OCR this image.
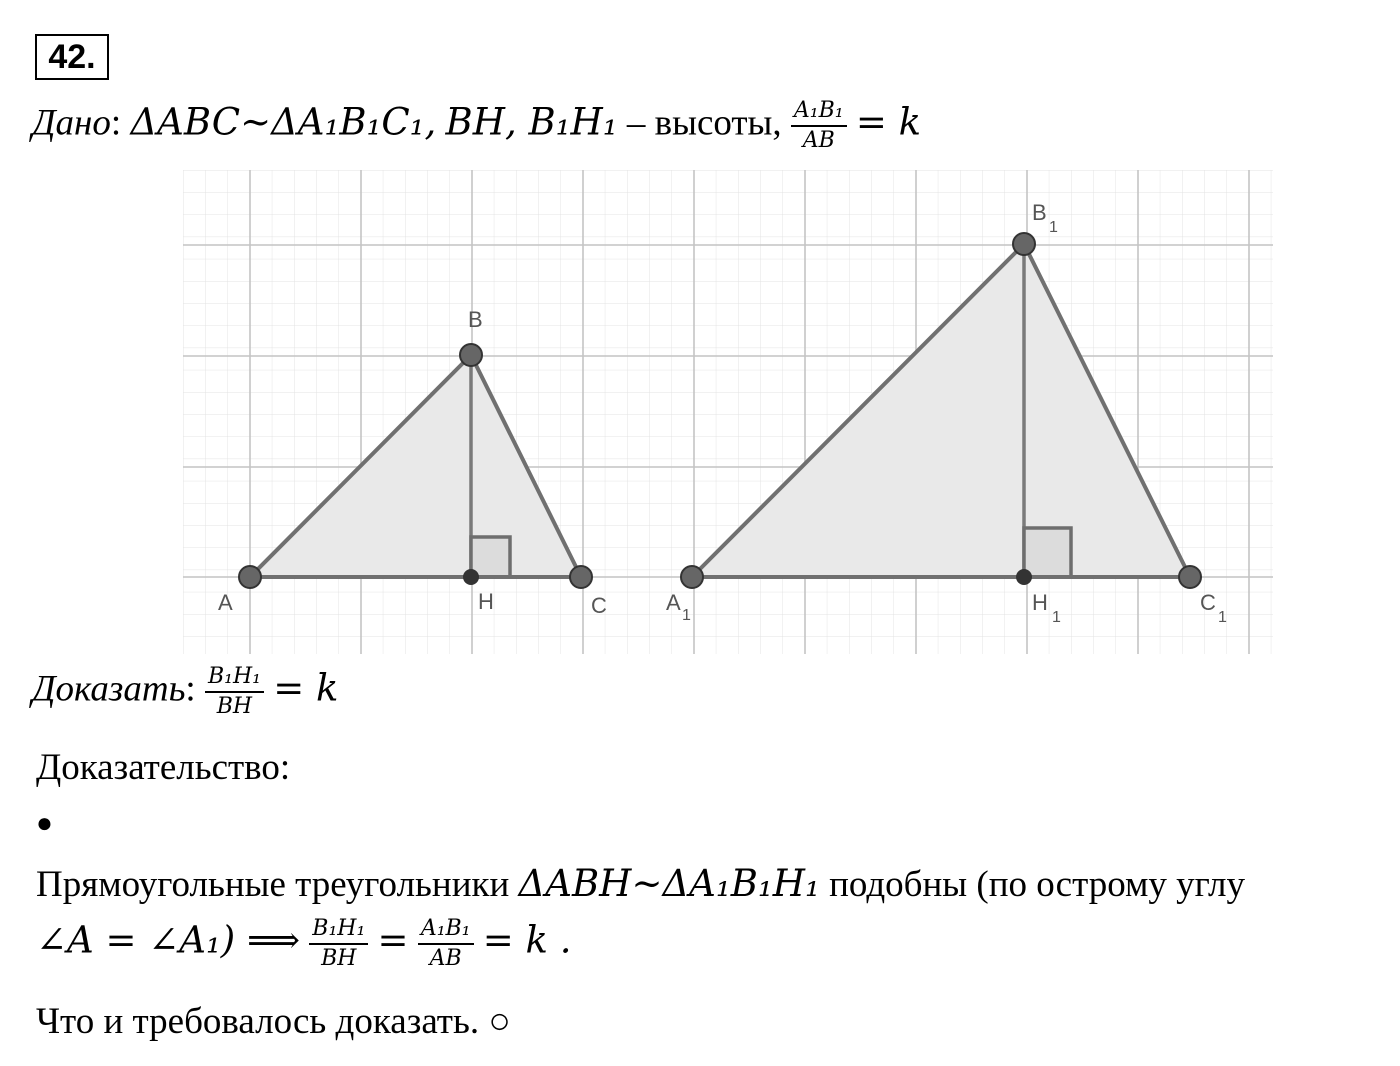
42.
Дано: ΔABC~ΔA₁B₁C₁, BH, B₁H₁ – высоты, $\frac{\text{A₁B₁}}{AB} = k$
A
B
C
H	A
1
B
1
C
1
H
1
Доказать: $\frac{\text{B₁H₁}}{BH} = k$
Доказательство:
●
Прямоугольные треугольники ΔABH~ΔA₁B₁H₁ подобны (по острому углу
∠A = ∠A₁) ⟹ $\frac{\text{B₁H₁}}{BH} = \frac{\text{A₁B₁}}{AB} = k$ .
Что и требовалось доказать. ○
